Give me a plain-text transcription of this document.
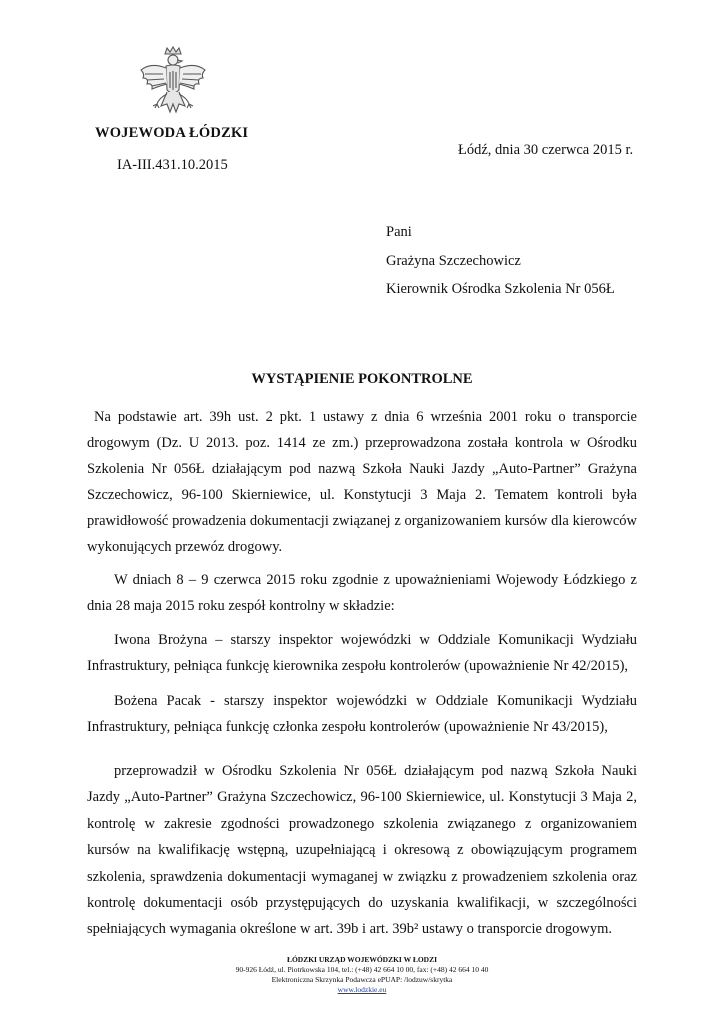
WOJEWODA ŁÓDZKI
IA-III.431.10.2015
Łódź, dnia 30 czerwca 2015 r.
Pani
Grażyna Szczechowicz
Kierownik Ośrodka Szkolenia Nr 056Ł
WYSTĄPIENIE POKONTROLNE

Na podstawie art. 39h ust. 2 pkt. 1 ustawy z dnia 6 września 2001 roku o transporcie drogowym (Dz. U 2013. poz. 1414 ze zm.) przeprowadzona została kontrola w Ośrodku Szkolenia Nr 056Ł działającym pod nazwą Szkoła Nauki Jazdy „Auto-Partner” Grażyna Szczechowicz, 96-100 Skierniewice, ul. Konstytucji 3 Maja 2. Tematem kontroli była prawidłowość prowadzenia dokumentacji związanej z organizowaniem kursów dla kierowców wykonujących przewóz drogowy.

W dniach 8 – 9 czerwca 2015 roku zgodnie z upoważnieniami Wojewody Łódzkiego z dnia 28 maja 2015 roku zespół kontrolny w składzie:

Iwona Brożyna – starszy inspektor wojewódzki w Oddziale Komunikacji Wydziału Infrastruktury, pełniąca funkcję kierownika zespołu kontrolerów (upoważnienie Nr 42/2015),

Bożena Pacak - starszy inspektor wojewódzki w Oddziale Komunikacji Wydziału Infrastruktury, pełniąca funkcję członka zespołu kontrolerów (upoważnienie Nr 43/2015),

przeprowadził w Ośrodku Szkolenia Nr 056Ł działającym pod nazwą Szkoła Nauki Jazdy „Auto-Partner” Grażyna Szczechowicz, 96-100 Skierniewice, ul. Konstytucji 3 Maja 2, kontrolę w zakresie zgodności prowadzonego szkolenia związanego z organizowaniem kursów na kwalifikację wstępną, uzupełniającą i okresową z obowiązującym programem szkolenia, sprawdzenia dokumentacji wymaganej w związku z prowadzeniem szkolenia oraz kontrolę dokumentacji osób przystępujących do uzyskania kwalifikacji, w szczególności spełniających wymagania określone w art. 39b i art. 39b² ustawy o transporcie drogowym.

ŁÓDZKI URZĄD WOJEWÓDZKI W ŁODZI
90-926 Łódź, ul. Piotrkowska 104, tel.: (+48) 42 664 10 00, fax: (+48) 42 664 10 40
Elektroniczna Skrzynka Podawcza ePUAP: /lodzuw/skrytka
www.lodzkie.eu
